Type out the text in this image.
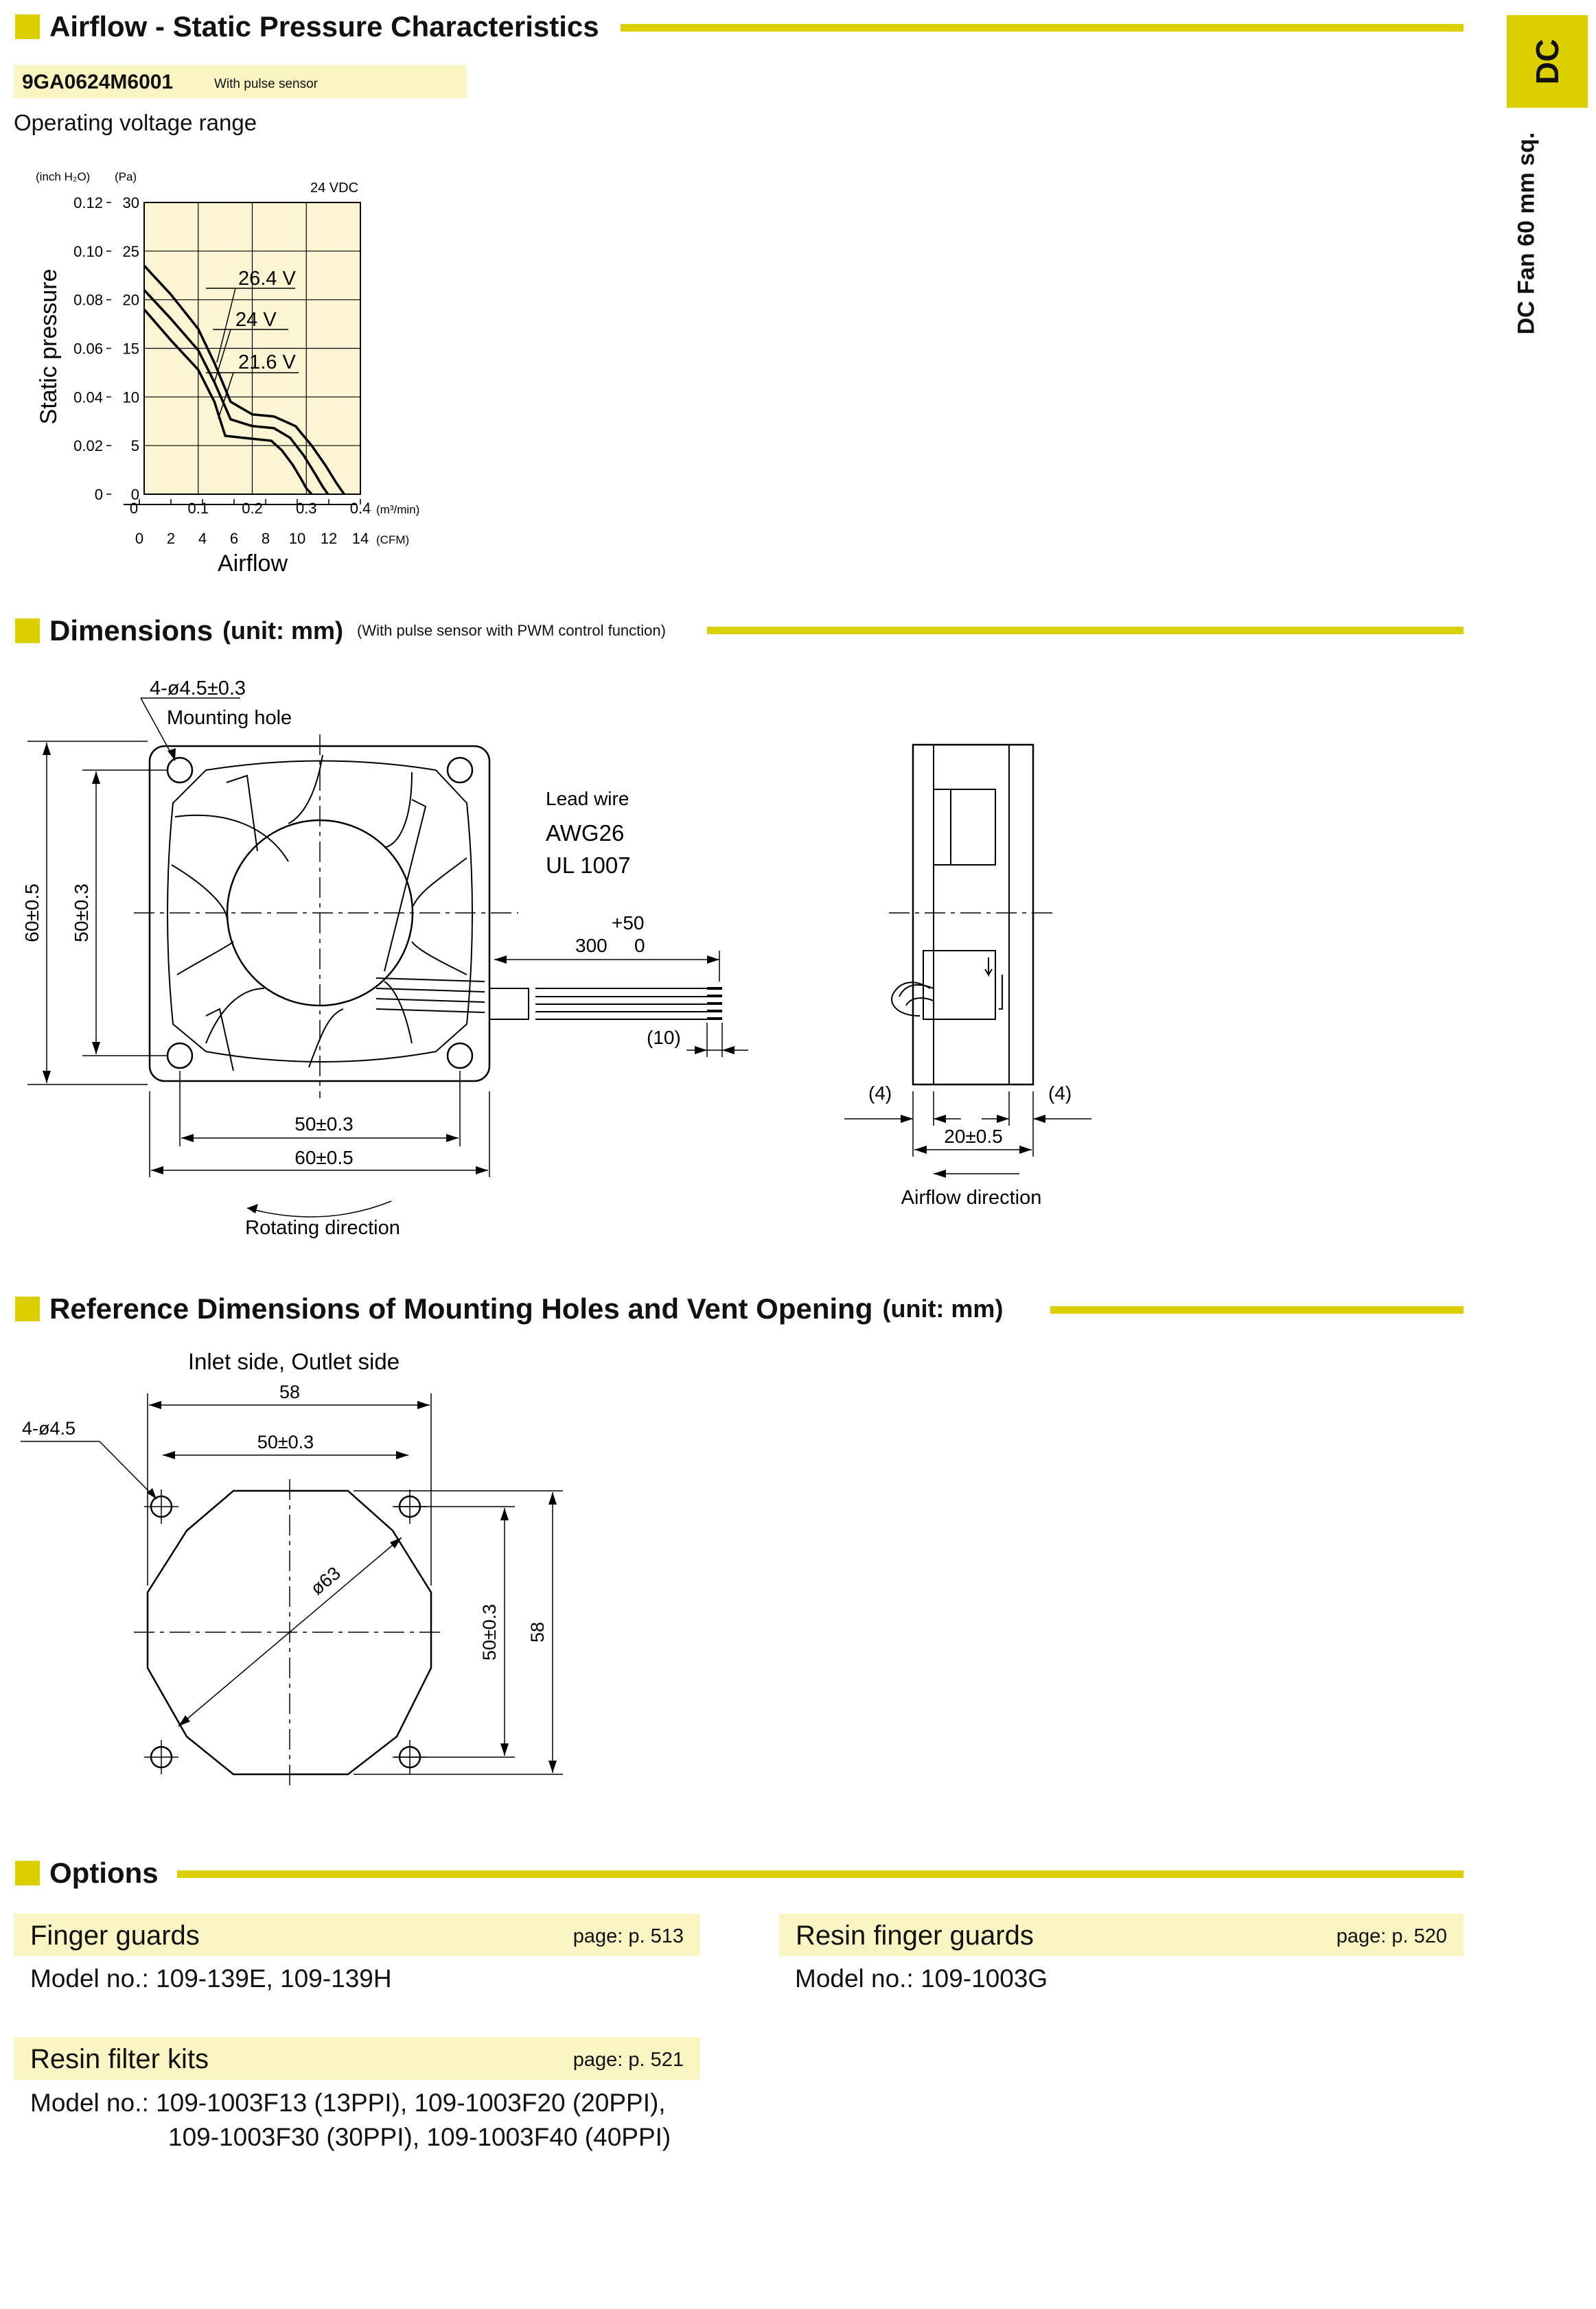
DC
DC Fan 60 mm sq.
Airflow - Static Pressure Characteristics
9GA0624M6001	With pulse sensor
Operating voltage range
0
0
5
0.02
10
0.04
15
0.06
20
0.08
25
0.10
30
0.12
0	0.1 0.2 0.3 0.4
0 2 4 6 8 10 12 14
(inch H₂O) (Pa)
24 VDC
(m³/min)
(CFM)
Airflow
Static pressure	26.4 V
24 V
21.6 V
Dimensions (unit: mm) (With pulse sensor with PWM control function)
4-ø4.5±0.3
Mounting hole
Lead wire
AWG26
UL 1007
+50
300 0
(10)
60±0.5 50±0.3
50±0.3
60±0.5
Rotating direction
(4)	(4)
20±0.5
Airflow direction
Reference Dimensions of Mounting Holes and Vent Opening (unit: mm)
Inlet side, Outlet side
58
50±0.3
4-ø4.5
ø63
50±0.3 58
Options
Finger guards	page: p. 513
Model no.: 109-139E, 109-139H
Resin finger guards	page: p. 520
Model no.: 109-1003G
Resin filter kits	page: p. 521
Model no.: 109-1003F13 (13PPI), 109-1003F20 (20PPI),
109-1003F30 (30PPI), 109-1003F40 (40PPI)
